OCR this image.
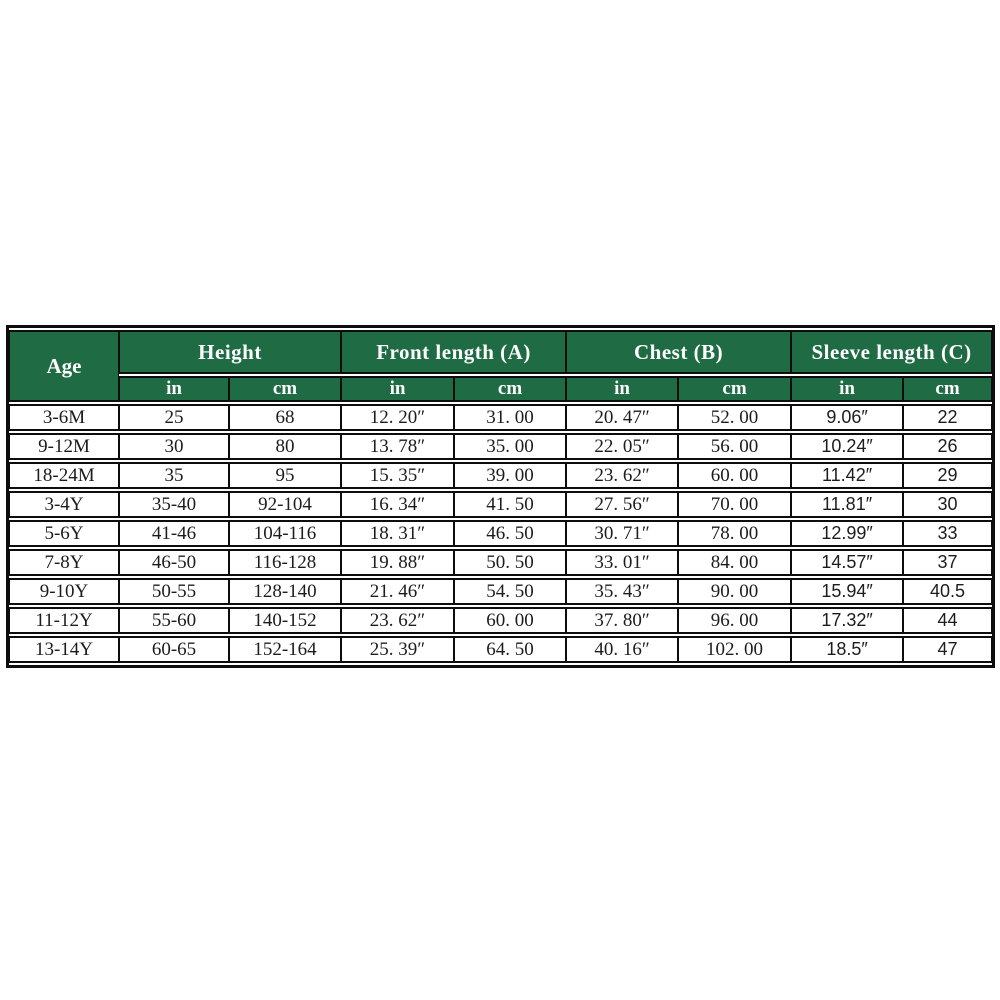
Age	Height		Front length (A)		Chest (B)		Sleeve length (C)	
	in	cm	in	cm	in	cm	in	cm
3-6M	25	68	12. 20″	31. 00	20. 47″	52. 00	9.06″	22
9-12M	30	80	13. 78″	35. 00	22. 05″	56. 00	10.24″	26
18-24M	35	95	15. 35″	39. 00	23. 62″	60. 00	11.42″	29
3-4Y	35-40	92-104	16. 34″	41. 50	27. 56″	70. 00	11.81″	30
5-6Y	41-46	104-116	18. 31″	46. 50	30. 71″	78. 00	12.99″	33
7-8Y	46-50	116-128	19. 88″	50. 50	33. 01″	84. 00	14.57″	37
9-10Y	50-55	128-140	21. 46″	54. 50	35. 43″	90. 00	15.94″	40.5
11-12Y	55-60	140-152	23. 62″	60. 00	37. 80″	96. 00	17.32″	44
13-14Y	60-65	152-164	25. 39″	64. 50	40. 16″	102. 00	18.5″	47
